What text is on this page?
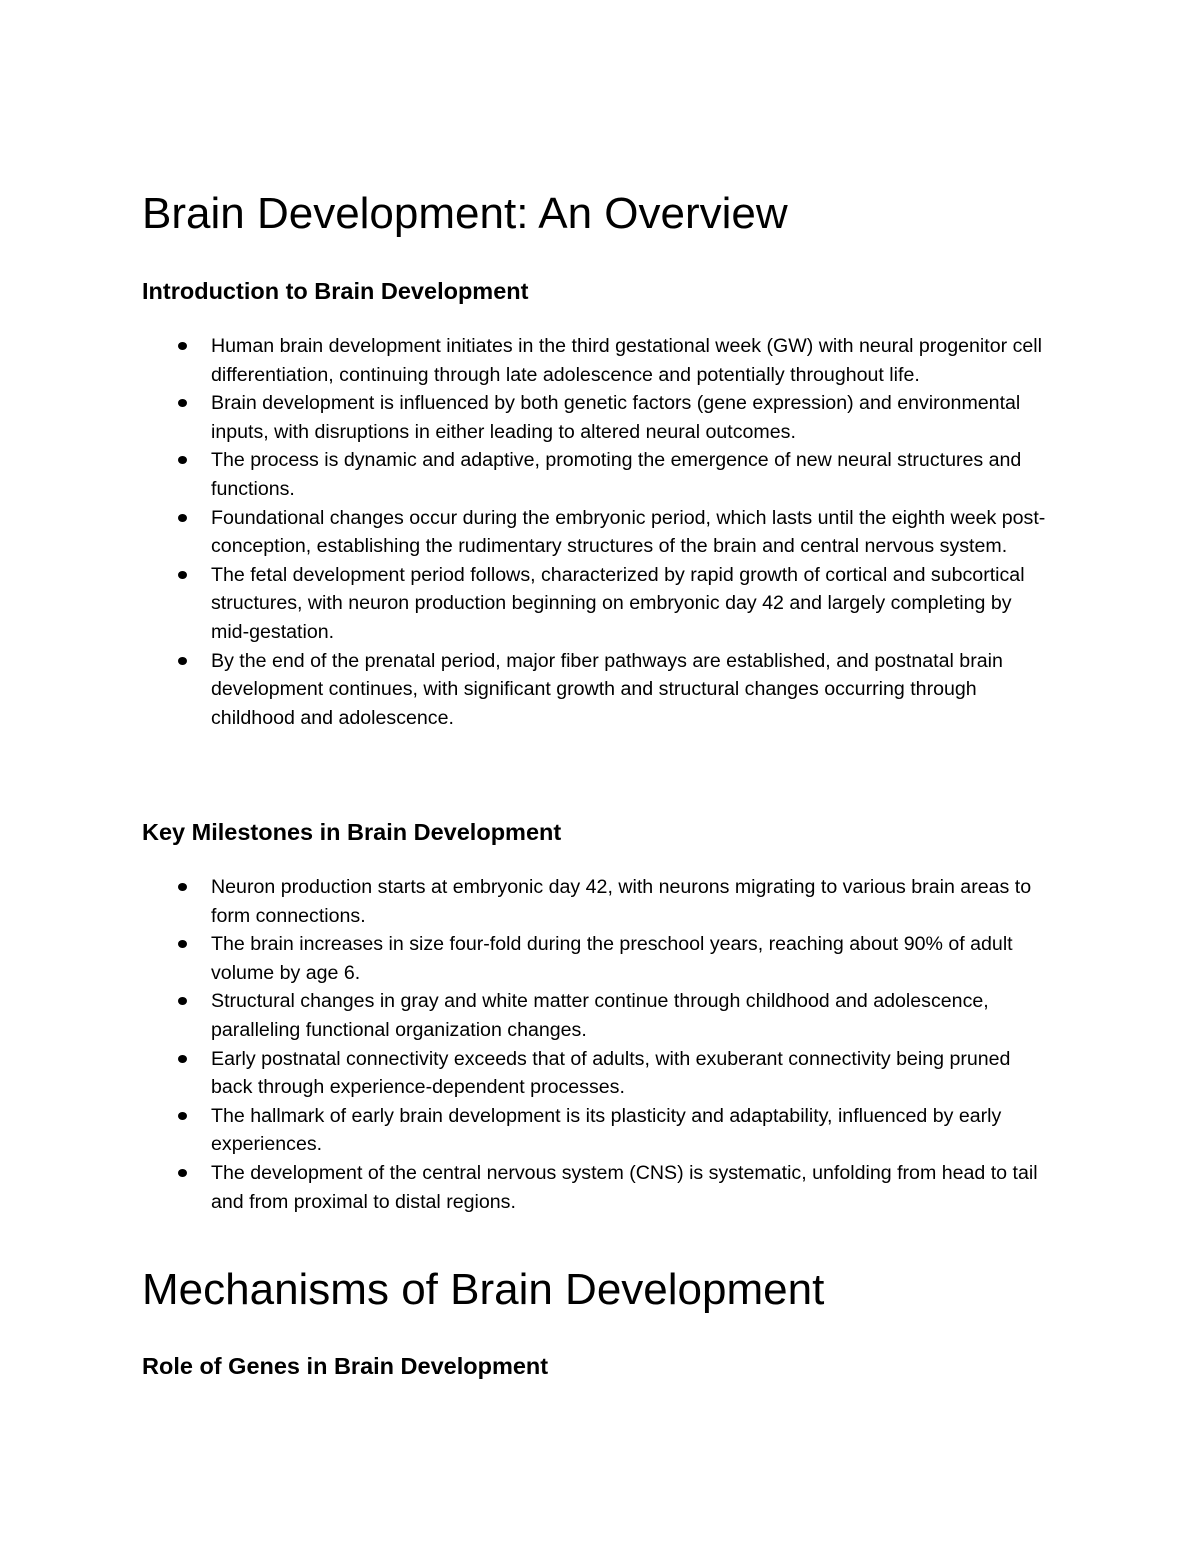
Brain Development: An Overview
Introduction to Brain Development
Human brain development initiates in the third gestational week (GW) with neural progenitor cell differentiation, continuing through late adolescence and potentially throughout life.
Brain development is influenced by both genetic factors (gene expression) and environmental inputs, with disruptions in either leading to altered neural outcomes.
The process is dynamic and adaptive, promoting the emergence of new neural structures and functions.
Foundational changes occur during the embryonic period, which lasts until the eighth week post-conception, establishing the rudimentary structures of the brain and central nervous system.
The fetal development period follows, characterized by rapid growth of cortical and subcortical structures, with neuron production beginning on embryonic day 42 and largely completing by mid-gestation.
By the end of the prenatal period, major fiber pathways are established, and postnatal brain development continues, with significant growth and structural changes occurring through childhood and adolescence.
Key Milestones in Brain Development
Neuron production starts at embryonic day 42, with neurons migrating to various brain areas to form connections.
The brain increases in size four-fold during the preschool years, reaching about 90% of adult volume by age 6.
Structural changes in gray and white matter continue through childhood and adolescence, paralleling functional organization changes.
Early postnatal connectivity exceeds that of adults, with exuberant connectivity being pruned back through experience-dependent processes.
The hallmark of early brain development is its plasticity and adaptability, influenced by early experiences.
The development of the central nervous system (CNS) is systematic, unfolding from head to tail and from proximal to distal regions.
Mechanisms of Brain Development
Role of Genes in Brain Development
